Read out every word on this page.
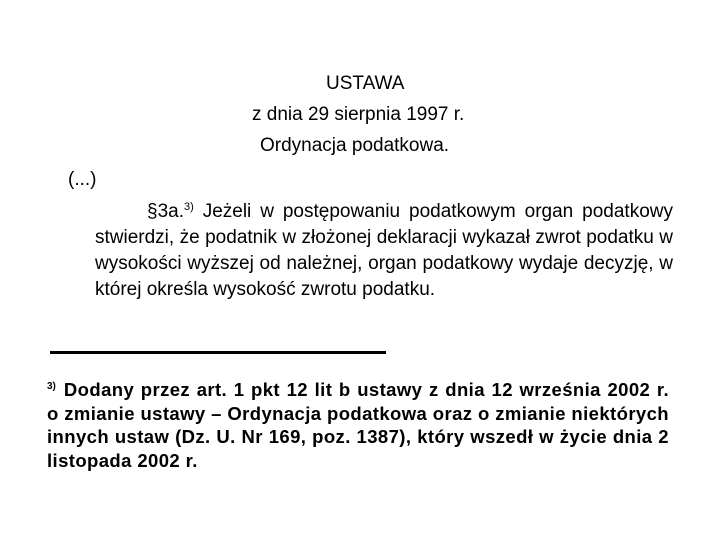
USTAWA
z dnia 29 sierpnia 1997 r.
Ordynacja podatkowa.
(...)
§3a.$^{3)}$ Jeżeli w postępowaniu podatkowym organ podatkowy stwierdzi, że podatnik w złożonej deklaracji wykazał zwrot podatku w wysokości wyższej od należnej, organ podatkowy wydaje decyzję, w której określa wysokość zwrotu podatku.
$^{3)}$ Dodany przez art. 1 pkt 12 lit b ustawy z dnia 12 września 2002 r. o zmianie ustawy – Ordynacja podatkowa oraz o zmianie niektórych innych ustaw (Dz. U. Nr 169, poz. 1387), który wszedł w życie dnia 2 listopada 2002 r.
